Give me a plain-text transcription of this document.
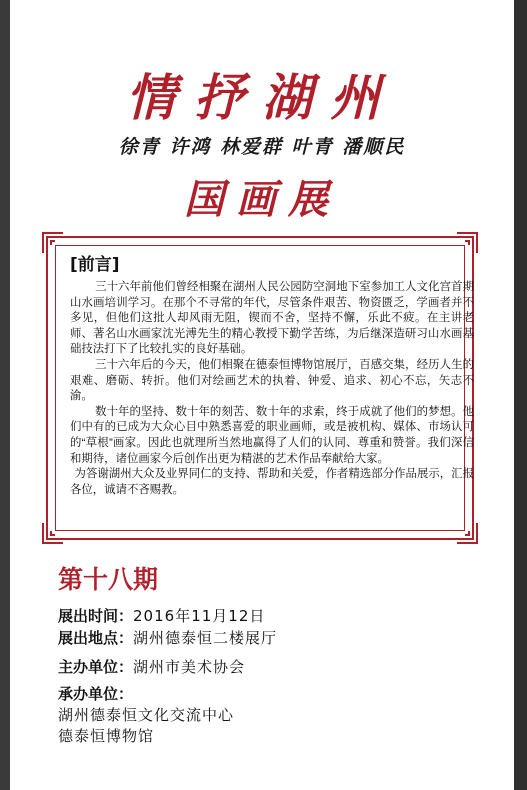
情抒湖州
徐青 许鸿 林爱群 叶青 潘顺民
国画展
[前言]

三十六年前他们曾经相聚在湖州人民公园防空洞地下室参加工人文化宫首期山水画培训学习。在那个不寻常的年代，尽管条件艰苦、物资匮乏，学画者并不多见，但他们这批人却风雨无阻，锲而不舍，坚持不懈，乐此不疲。在主讲老师、著名山水画家沈光溥先生的精心教授下勤学苦练，为后继深造研习山水画基础技法打下了比较扎实的良好基础。

三十六年后的今天，他们相聚在德泰恒博物馆展厅，百感交集，经历人生的艰难、磨砺、转折。他们对绘画艺术的执着、钟爱、追求、初心不忘，矢志不渝。

数十年的坚持、数十年的刻苦、数十年的求索，终于成就了他们的梦想。他们中有的已成为大众心目中熟悉喜爱的职业画师，或是被机构、媒体、市场认可的“草根”画家。因此也就理所当然地赢得了人们的认同、尊重和赞誉。我们深信和期待，诸位画家今后创作出更为精湛的艺术作品奉献给大家。

为答谢湖州大众及业界同仁的支持、帮助和关爱，作者精选部分作品展示，汇报各位，诚请不吝赐教。

第十八期
展出时间：2016年11月12日
展出地点：湖州德泰恒二楼展厅
主办单位：湖州市美术协会
承办单位：
湖州德泰恒文化交流中心
德泰恒博物馆
